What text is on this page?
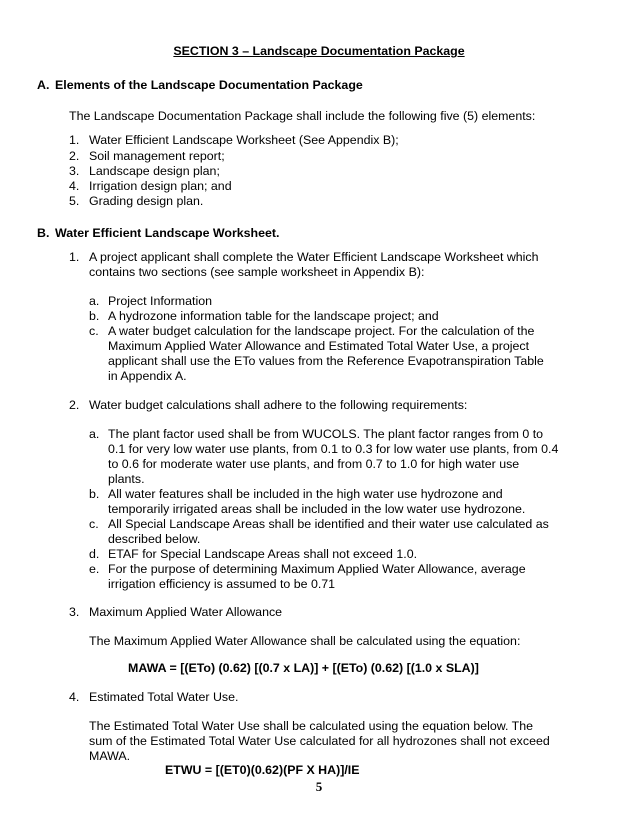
SECTION 3 – Landscape Documentation Package
A. Elements of the Landscape Documentation Package
The Landscape Documentation Package shall include the following five (5) elements:
1. Water Efficient Landscape Worksheet (See Appendix B);
2. Soil management report;
3. Landscape design plan;
4. Irrigation design plan; and
5. Grading design plan.
B. Water Efficient Landscape Worksheet.
1. A project applicant shall complete the Water Efficient Landscape Worksheet which
contains two sections (see sample worksheet in Appendix B):
a. Project Information
b. A hydrozone information table for the landscape project; and
c. A water budget calculation for the landscape project. For the calculation of the
Maximum Applied Water Allowance and Estimated Total Water Use, a project
applicant shall use the ETo values from the Reference Evapotranspiration Table
in Appendix A.
2. Water budget calculations shall adhere to the following requirements:
a. The plant factor used shall be from WUCOLS. The plant factor ranges from 0 to
0.1 for very low water use plants, from 0.1 to 0.3 for low water use plants, from 0.4
to 0.6 for moderate water use plants, and from 0.7 to 1.0 for high water use
plants.
b. All water features shall be included in the high water use hydrozone and
temporarily irrigated areas shall be included in the low water use hydrozone.
c. All Special Landscape Areas shall be identified and their water use calculated as
described below.
d. ETAF for Special Landscape Areas shall not exceed 1.0.
e. For the purpose of determining Maximum Applied Water Allowance, average
irrigation efficiency is assumed to be 0.71
3. Maximum Applied Water Allowance
The Maximum Applied Water Allowance shall be calculated using the equation:
MAWA = [(ETo) (0.62) [(0.7 x LA)] + [(ETo) (0.62) [(1.0 x SLA)]
4. Estimated Total Water Use.
The Estimated Total Water Use shall be calculated using the equation below. The
sum of the Estimated Total Water Use calculated for all hydrozones shall not exceed
MAWA.
ETWU = [(ET0)(0.62)(PF X HA)]/IE
5
